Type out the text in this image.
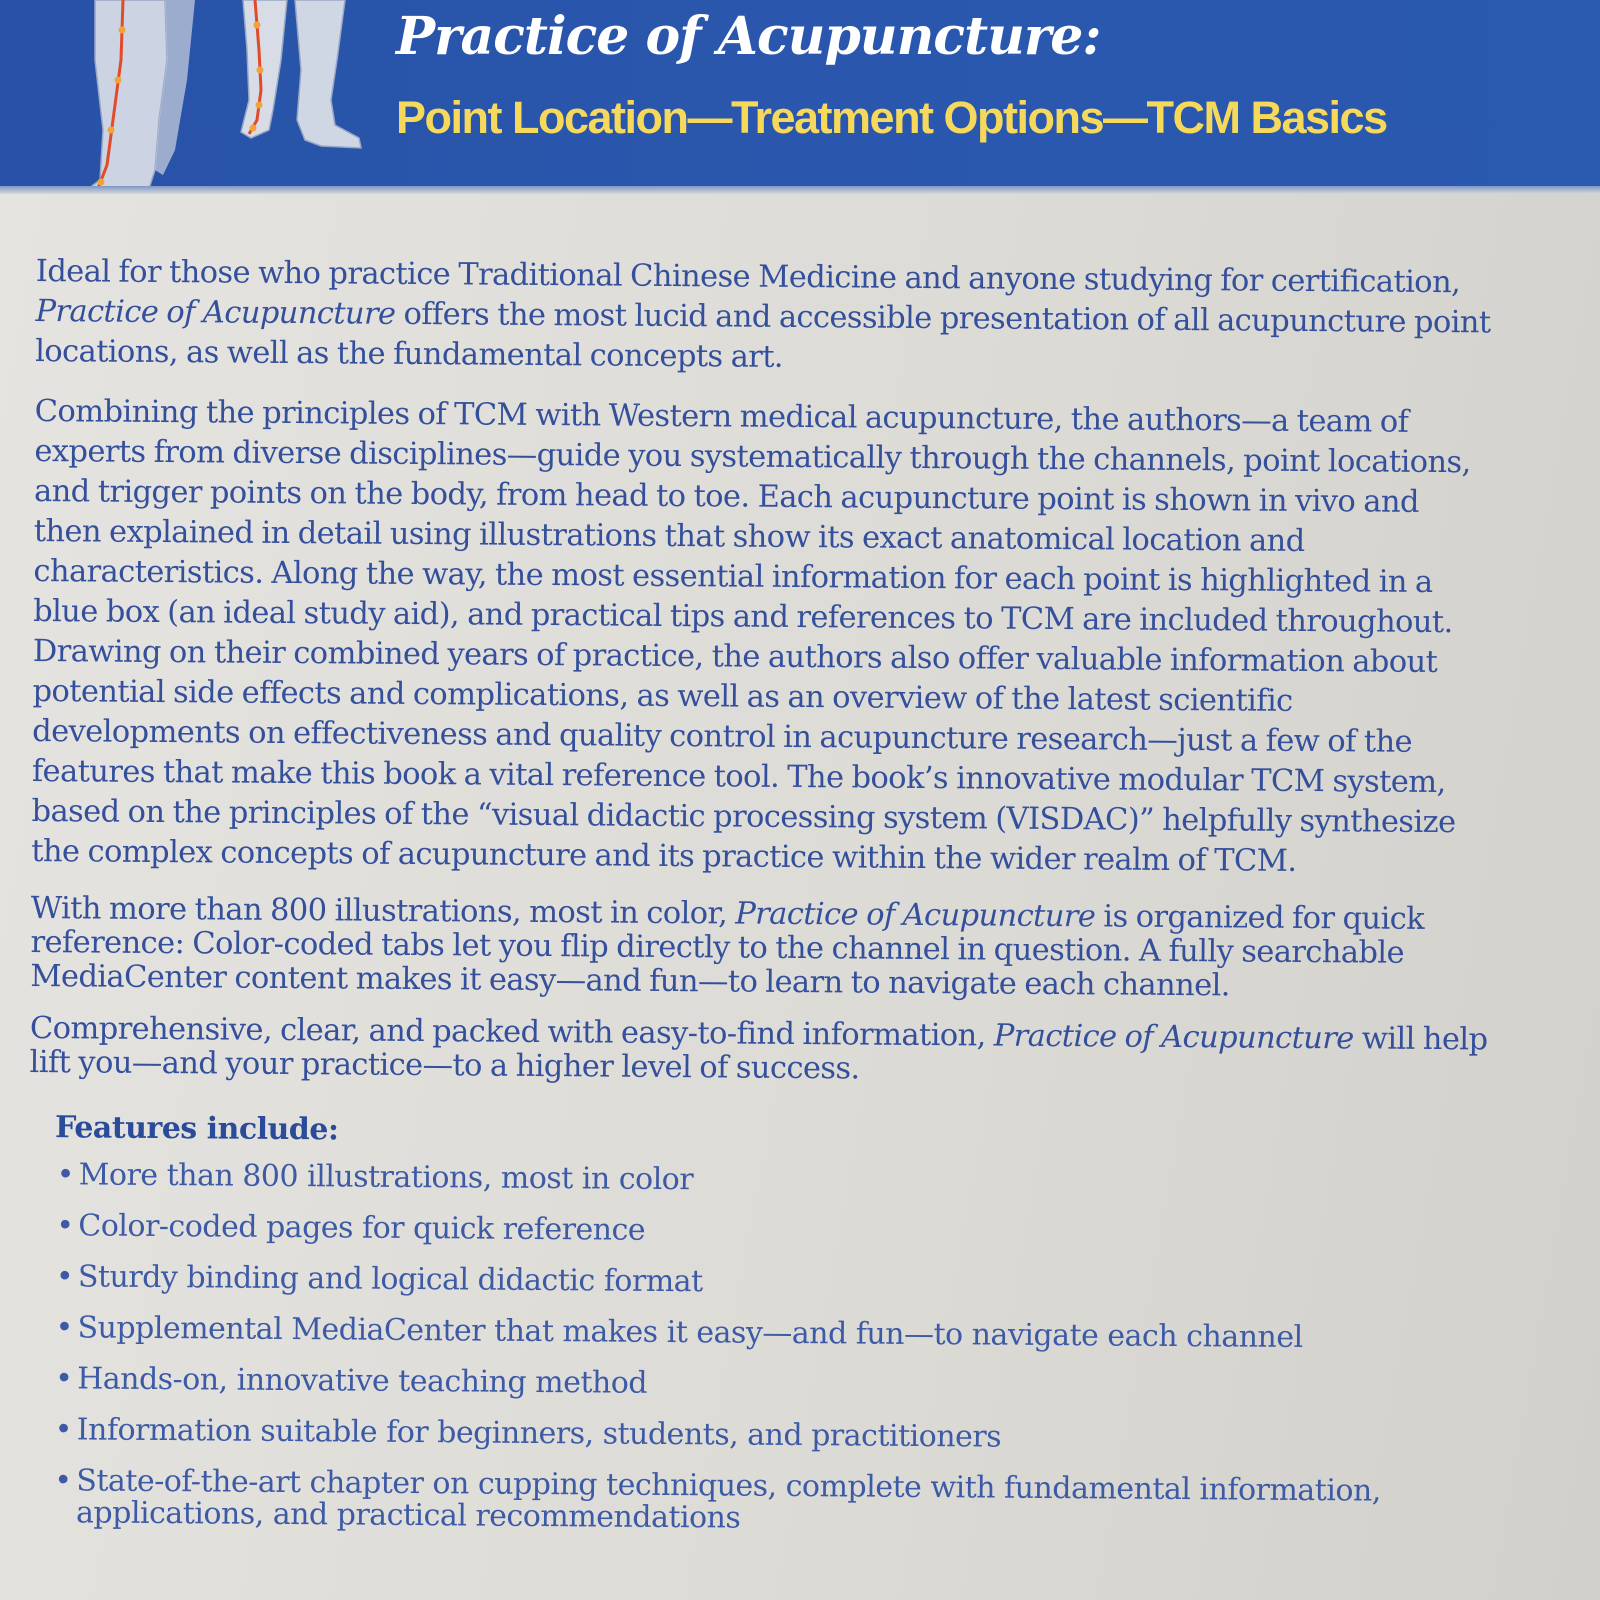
Practice of Acupuncture:
Point Location—Treatment Options—TCM Basics

Ideal for those who practice Traditional Chinese Medicine and anyone studying for certification, Practice of Acupuncture offers the most lucid and accessible presentation of all acupuncture point locations, as well as the fundamental concepts art.

Combining the principles of TCM with Western medical acupuncture, the authors—a team of experts from diverse disciplines—guide you systematically through the channels, point locations, and trigger points on the body, from head to toe. Each acupuncture point is shown in vivo and then explained in detail using illustrations that show its exact anatomical location and characteristics. Along the way, the most essential information for each point is highlighted in a blue box (an ideal study aid), and practical tips and references to TCM are included throughout. Drawing on their combined years of practice, the authors also offer valuable information about potential side effects and complications, as well as an overview of the latest scientific developments on effectiveness and quality control in acupuncture research—just a few of the features that make this book a vital reference tool. The book’s innovative modular TCM system, based on the principles of the “visual didactic processing system (VISDAC)” helpfully synthesize the complex concepts of acupuncture and its practice within the wider realm of TCM.

With more than 800 illustrations, most in color, Practice of Acupuncture is organized for quick reference: Color-coded tabs let you flip directly to the channel in question. A fully searchable MediaCenter content makes it easy—and fun—to learn to navigate each channel.

Comprehensive, clear, and packed with easy-to-find information, Practice of Acupuncture will help lift you—and your practice—to a higher level of success.

Features include:
• More than 800 illustrations, most in color
• Color-coded pages for quick reference
• Sturdy binding and logical didactic format
• Supplemental MediaCenter that makes it easy—and fun—to navigate each channel
• Hands-on, innovative teaching method
• Information suitable for beginners, students, and practitioners
• State-of-the-art chapter on cupping techniques, complete with fundamental information, applications, and practical recommendations
